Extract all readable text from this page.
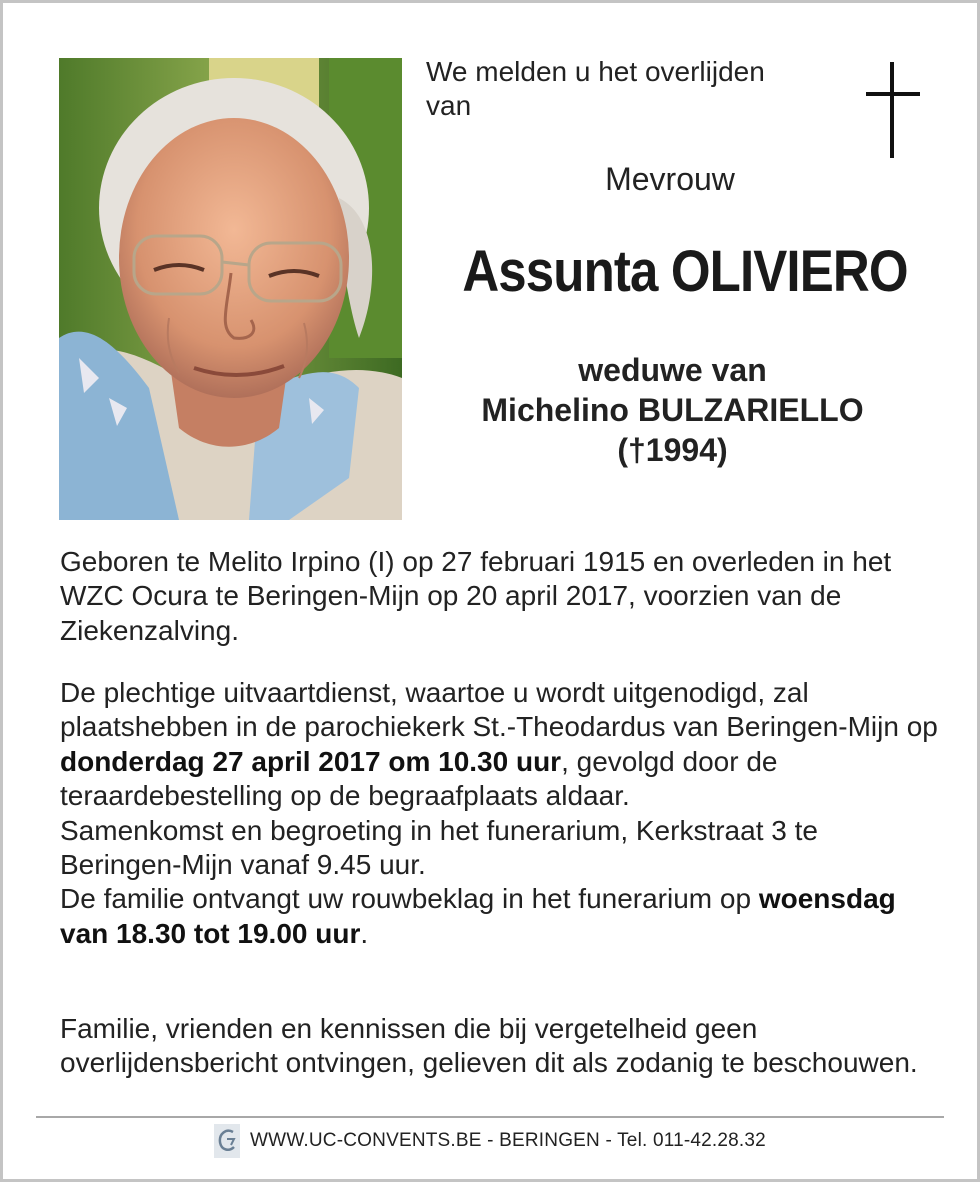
We melden u het overlijden
van
Mevrouw
Assunta OLIVIERO
weduwe van
Michelino BULZARIELLO
(†1994)

Geboren te Melito Irpino (I) op 27 februari 1915 en overleden in het WZC Ocura te Beringen-Mijn op 20 april 2017, voorzien van de Ziekenzalving.

De plechtige uitvaartdienst, waartoe u wordt uitgenodigd, zal plaatshebben in de parochiekerk St.-Theodardus van Beringen-Mijn op donderdag 27 april 2017 om 10.30 uur, gevolgd door de teraardebestelling op de begraafplaats aldaar.

Samenkomst en begroeting in het funerarium, Kerkstraat 3 te Beringen-Mijn vanaf 9.45 uur.

De familie ontvangt uw rouwbeklag in het funerarium op woensdag van 18.30 tot 19.00 uur.

Familie, vrienden en kennissen die bij vergetelheid geen overlijdensbericht ontvingen, gelieven dit als zodanig te beschouwen.

WWW.UC-CONVENTS.BE - BERINGEN - Tel. 011-42.28.32
